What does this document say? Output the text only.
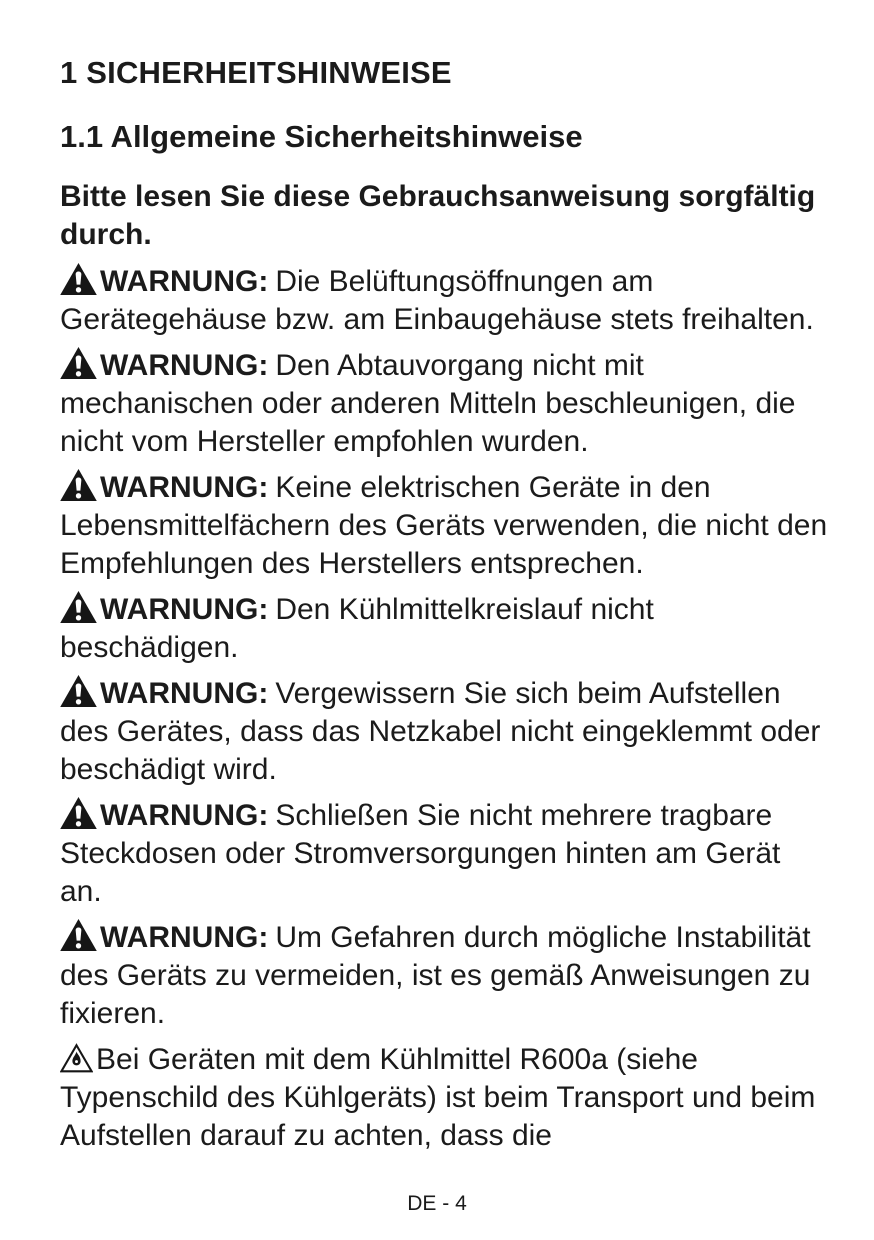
1 SICHERHEITSHINWEISE
1.1 Allgemeine Sicherheitshinweise

Bitte lesen Sie diese Gebrauchsanweisung sorgfältig durch.

WARNUNG: Die Belüftungsöffnungen am Gerätegehäuse bzw. am Einbaugehäuse stets freihalten.

WARNUNG: Den Abtauvorgang nicht mit mechanischen oder anderen Mitteln beschleunigen, die nicht vom Hersteller empfohlen wurden.

WARNUNG: Keine elektrischen Geräte in den Lebensmittelfächern des Geräts verwenden, die nicht den Empfehlungen des Herstellers entsprechen.

WARNUNG: Den Kühlmittelkreislauf nicht beschädigen.

WARNUNG: Vergewissern Sie sich beim Aufstellen des Gerätes, dass das Netzkabel nicht eingeklemmt oder beschädigt wird.

WARNUNG: Schließen Sie nicht mehrere tragbare Steckdosen oder Stromversorgungen hinten am Gerät an.

WARNUNG: Um Gefahren durch mögliche Instabilität des Geräts zu vermeiden, ist es gemäß Anweisungen zu fixieren.

Bei Geräten mit dem Kühlmittel R600a (siehe Typenschild des Kühlgeräts) ist beim Transport und beim Aufstellen darauf zu achten, dass die

DE - 4
